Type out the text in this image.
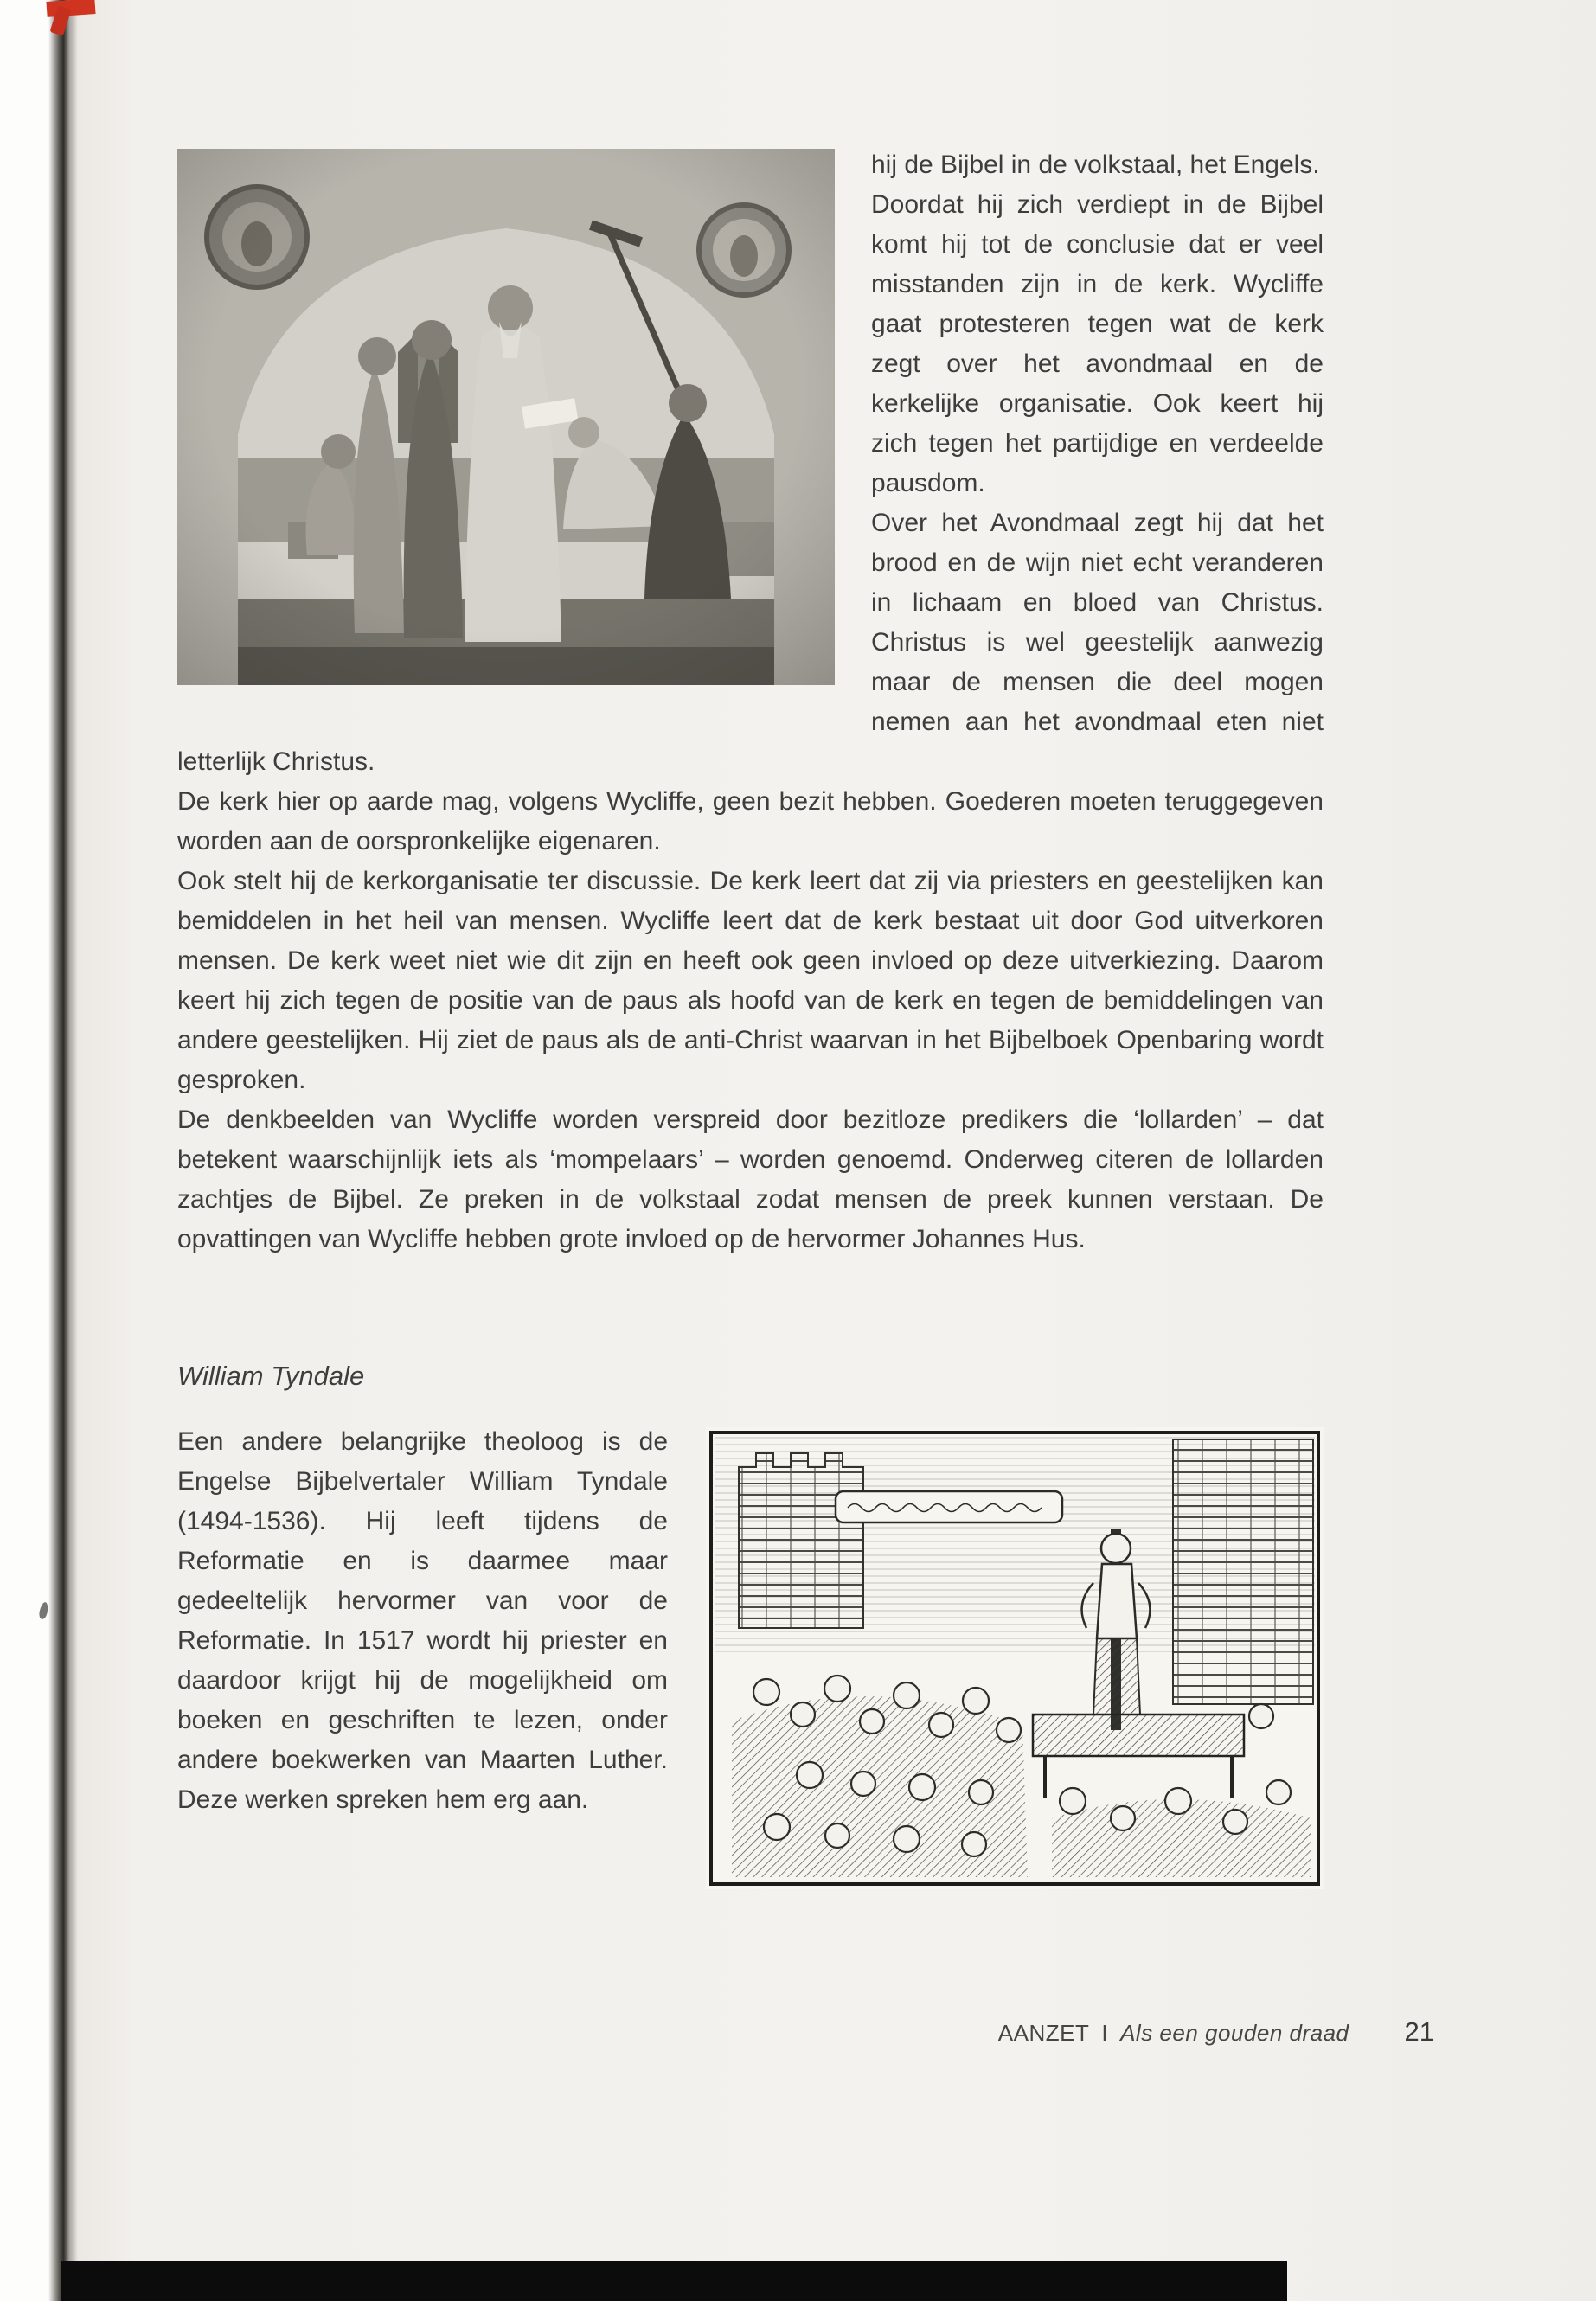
hij de Bijbel in de volkstaal, het Engels.

Doordat hij zich verdiept in de Bijbel komt hij tot de conclusie dat er veel misstanden zijn in de kerk. Wycliffe gaat protesteren tegen wat de kerk zegt over het avondmaal en de kerkelijke organisatie. Ook keert hij zich tegen het partijdige en verdeelde pausdom.

Over het Avondmaal zegt hij dat het brood en de wijn niet echt veranderen in lichaam en bloed van Christus. Christus is wel geestelijk aanwezig maar de mensen die deel mogen nemen aan het avondmaal eten niet letterlijk Christus.

De kerk hier op aarde mag, volgens Wycliffe, geen bezit hebben. Goederen moeten teruggegeven worden aan de oorspronkelijke eigenaren.

Ook stelt hij de kerkorganisatie ter discussie. De kerk leert dat zij via priesters en geestelijken kan bemiddelen in het heil van mensen. Wycliffe leert dat de kerk bestaat uit door God uitverkoren mensen. De kerk weet niet wie dit zijn en heeft ook geen invloed op deze uitverkiezing. Daarom keert hij zich tegen de positie van de paus als hoofd van de kerk en tegen de bemiddelingen van andere geestelijken. Hij ziet de paus als de anti-Christ waarvan in het Bijbelboek Openbaring wordt gesproken.

De denkbeelden van Wycliffe worden verspreid door bezitloze predikers die ‘lollarden’ – dat betekent waarschijnlijk iets als ‘mompelaars’ – worden genoemd. Onderweg citeren de lollarden zachtjes de Bijbel. Ze preken in de volkstaal zodat mensen de preek kunnen verstaan. De opvattingen van Wycliffe hebben grote invloed op de hervormer Johannes Hus.

William Tyndale

Een andere belangrijke theoloog is de Engelse Bijbelvertaler William Tyndale (1494-1536). Hij leeft tijdens de Reformatie en is daarmee maar gedeeltelijk hervormer van voor de Reformatie. In 1517 wordt hij priester en daardoor krijgt hij de mogelijkheid om boeken en geschriften te lezen, onder andere boekwerken van Maarten Luther. Deze werken spreken hem erg aan.

AANZET I Als een gouden draad 21
